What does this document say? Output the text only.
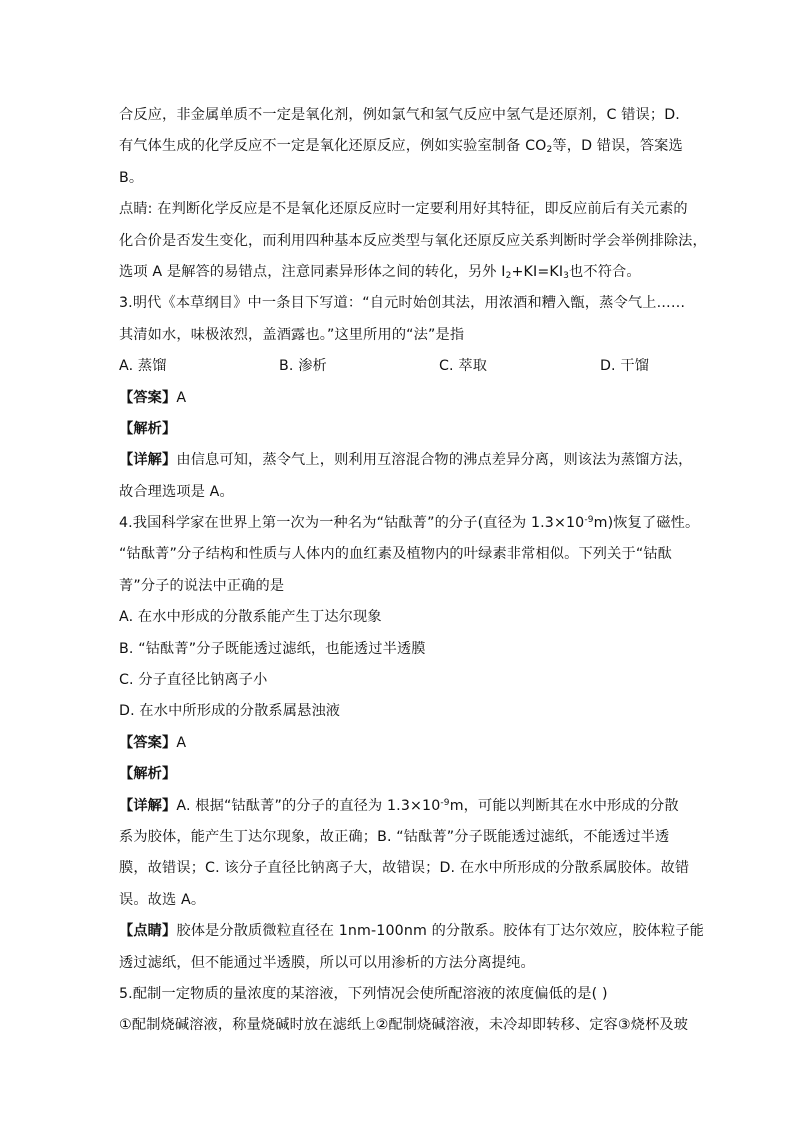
合反应，非金属单质不一定是氧化剂，例如氯气和氢气反应中氢气是还原剂，C 错误；D.
有气体生成的化学反应不一定是氧化还原反应，例如实验室制备 $CO_2$等，D 错误，答案选
B。
点睛: 在判断化学反应是不是氧化还原反应时一定要利用好其特征，即反应前后有关元素的
化合价是否发生变化，而利用四种基本反应类型与氧化还原反应关系判断时学会举例排除法，
选项 A 是解答的易错点，注意同素异形体之间的转化，另外 $I_2+KI=KI_3$也不符合。
3.明代《本草纲目》中一条目下写道：“自元时始创其法，用浓酒和糟入甑，蒸令气上……
其清如水，味极浓烈，盖酒露也。”这里所用的“法”是指
A. 蒸馏	B. 渗析	C. 萃取	D. 干馏
【答案】A
【解析】
【详解】由信息可知，蒸令气上，则利用互溶混合物的沸点差异分离，则该法为蒸馏方法，
故合理选项是 A。
4.我国科学家在世界上第一次为一种名为“钴酞菁”的分子(直径为 $1.3\times 10^{-9}m$)恢复了磁性。
“钴酞菁”分子结构和性质与人体内的血红素及植物内的叶绿素非常相似。下列关于“钴酞
菁”分子的说法中正确的是
A. 在水中形成的分散系能产生丁达尔现象
B. “钴酞菁”分子既能透过滤纸，也能透过半透膜
C. 分子直径比钠离子小
D. 在水中所形成的分散系属悬浊液
【答案】A
【解析】
【详解】A. 根据“钴酞菁”的分子的直径为 $1.3\times 10^{-9}m$，可能以判断其在水中形成的分散
系为胶体，能产生丁达尔现象，故正确；B. “钴酞菁”分子既能透过滤纸，不能透过半透
膜，故错误；C. 该分子直径比钠离子大，故错误；D. 在水中所形成的分散系属胶体。故错
误。故选 A。
【点睛】胶体是分散质微粒直径在 1nm-100nm 的分散系。胶体有丁达尔效应，胶体粒子能
透过滤纸，但不能通过半透膜，所以可以用渗析的方法分离提纯。
5.配制一定物质的量浓度的某溶液，下列情况会使所配溶液的浓度偏低的是( )
①配制烧碱溶液，称量烧碱时放在滤纸上②配制烧碱溶液，未冷却即转移、定容③烧杯及玻
